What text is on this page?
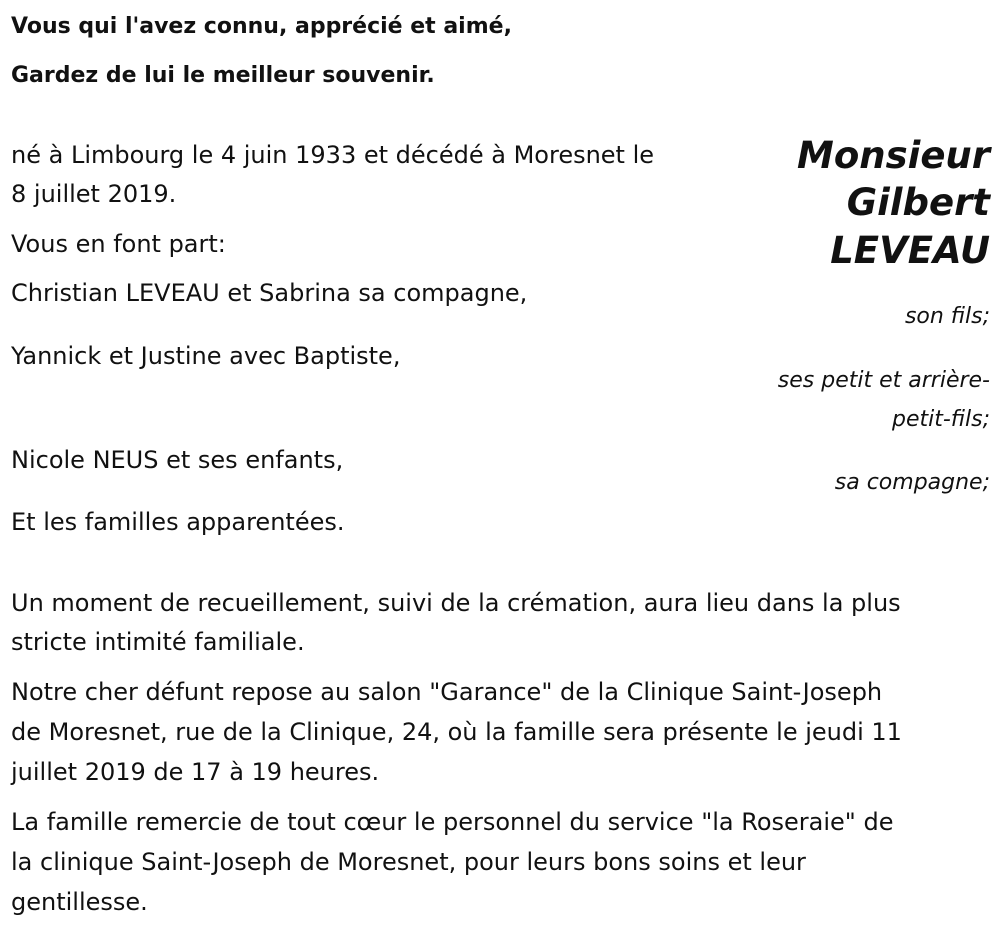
Vous qui l'avez connu, apprécié et aimé,
Gardez de lui le meilleur souvenir.
Monsieur
Gilbert
LEVEAU
né à Limbourg le 4 juin 1933 et décédé à Moresnet le
8 juillet 2019.
Vous en font part:
Christian LEVEAU et Sabrina sa compagne,
son fils;
Yannick et Justine avec Baptiste,
ses petit et arrière-
petit-fils;
Nicole NEUS et ses enfants,
sa compagne;
Et les familles apparentées.
Un moment de recueillement, suivi de la crémation, aura lieu dans la plus
stricte intimité familiale.
Notre cher défunt repose au salon "Garance" de la Clinique Saint-Joseph
de Moresnet, rue de la Clinique, 24, où la famille sera présente le jeudi 11
juillet 2019 de 17 à 19 heures.
La famille remercie de tout cœur le personnel du service "la Roseraie" de
la clinique Saint-Joseph de Moresnet, pour leurs bons soins et leur
gentillesse.
